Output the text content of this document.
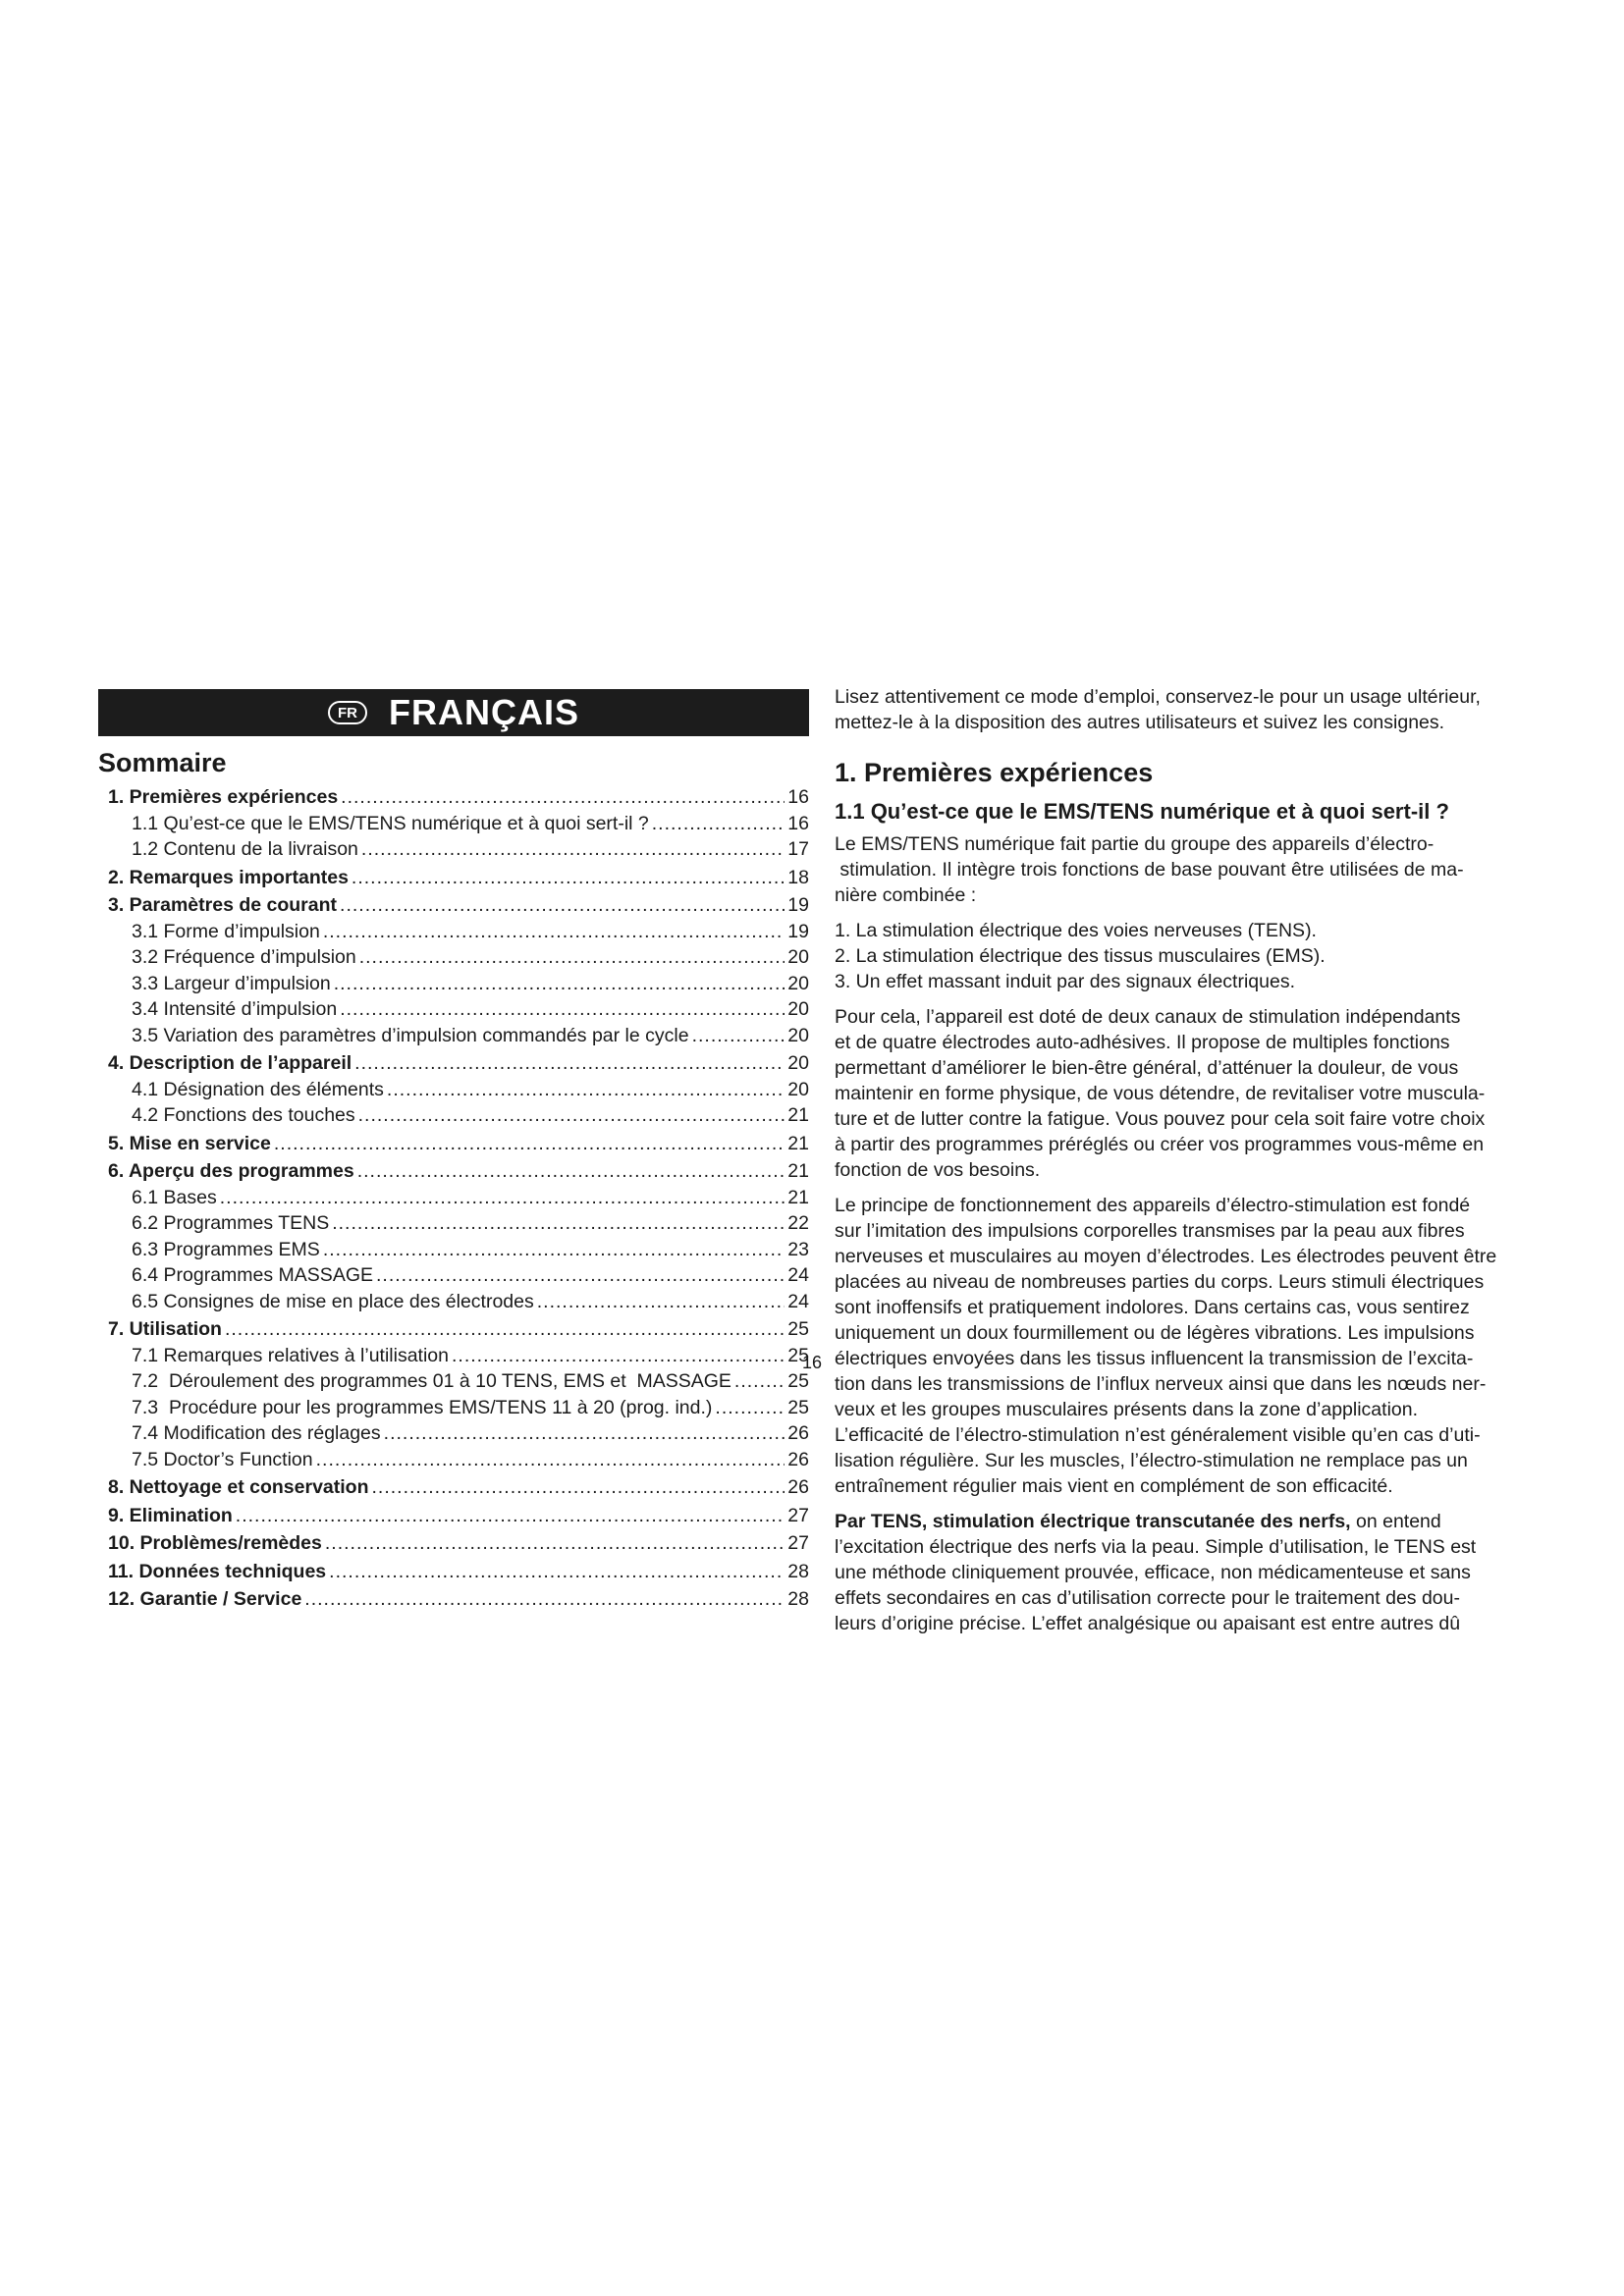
FR FRANÇAIS
Sommaire
1. Premières expériences .....	16
1.1 Qu’est-ce que le EMS/TENS numérique et à quoi sert-il ? .....	16
1.2 Contenu de la livraison .....	17
2. Remarques importantes .....	18
3. Paramètres de courant .....	19
3.1 Forme d’impulsion .....	19
3.2 Fréquence d’impulsion .....	20
3.3 Largeur d’impulsion .....	20
3.4 Intensité d’impulsion .....	20
3.5 Variation des paramètres d’impulsion commandés par le cycle .....	20
4. Description de l’appareil .....	20
4.1 Désignation des éléments .....	20
4.2 Fonctions des touches .....	21
5. Mise en service .....	21
6. Aperçu des programmes .....	21
6.1 Bases .....	21
6.2 Programmes TENS .....	22
6.3 Programmes EMS .....	23
6.4 Programmes MASSAGE .....	24
6.5 Consignes de mise en place des électrodes .....	24
7. Utilisation .....	25
7.1 Remarques relatives à l’utilisation .....	25
7.2  Déroulement des programmes 01 à 10 TENS, EMS et  MASSAGE .....	25
7.3  Procédure pour les programmes EMS/TENS 11 à 20 (prog. ind.) .....	25
7.4 Modification des réglages .....	26
7.5 Doctor’s Function .....	26
8. Nettoyage et conservation .....	26
9. Elimination .....	27
10. Problèmes/remèdes .....	27
11. Données techniques .....	28
12. Garantie / Service .....	28

Lisez attentivement ce mode d’emploi, conservez-le pour un usage ultérieur,

mettez-le à la disposition des autres utilisateurs et suivez les consignes.

1. Premières expériences
1.1 Qu’est-ce que le EMS/TENS numérique et à quoi sert-il ?

Le EMS/TENS numérique fait partie du groupe des appareils d’électro-

stimulation. Il intègre trois fonctions de base pouvant être utilisées de ma-

nière combinée :

1. La stimulation électrique des voies nerveuses (TENS).

2. La stimulation électrique des tissus musculaires (EMS).

3. Un effet massant induit par des signaux électriques.

Pour cela, l’appareil est doté de deux canaux de stimulation indépendants

et de quatre électrodes auto-adhésives. Il propose de multiples fonctions

permettant d’améliorer le bien-être général, d’atténuer la douleur, de vous

maintenir en forme physique, de vous détendre, de revitaliser votre muscula-

ture et de lutter contre la fatigue. Vous pouvez pour cela soit faire votre choix

à partir des programmes préréglés ou créer vos programmes vous-même en

fonction de vos besoins.

Le principe de fonctionnement des appareils d’électro-stimulation est fondé

sur l’imitation des impulsions corporelles transmises par la peau aux fibres

nerveuses et musculaires au moyen d’électrodes. Les électrodes peuvent être

placées au niveau de nombreuses parties du corps. Leurs stimuli électriques

sont inoffensifs et pratiquement indolores. Dans certains cas, vous sentirez

uniquement un doux fourmillement ou de légères vibrations. Les impulsions

électriques envoyées dans les tissus influencent la transmission de l’excita-

tion dans les transmissions de l’influx nerveux ainsi que dans les nœuds ner-

veux et les groupes musculaires présents dans la zone d’application.

L’efficacité de l’électro-stimulation n’est généralement visible qu’en cas d’uti-

lisation régulière. Sur les muscles, l’électro-stimulation ne remplace pas un

entraînement régulier mais vient en complément de son efficacité.

Par TENS, stimulation électrique transcutanée des nerfs, on entend

l’excitation électrique des nerfs via la peau. Simple d’utilisation, le TENS est

une méthode cliniquement prouvée, efficace, non médicamenteuse et sans

effets secondaires en cas d’utilisation correcte pour le traitement des dou-

leurs d’origine précise. L’effet analgésique ou apaisant est entre autres dû

16
